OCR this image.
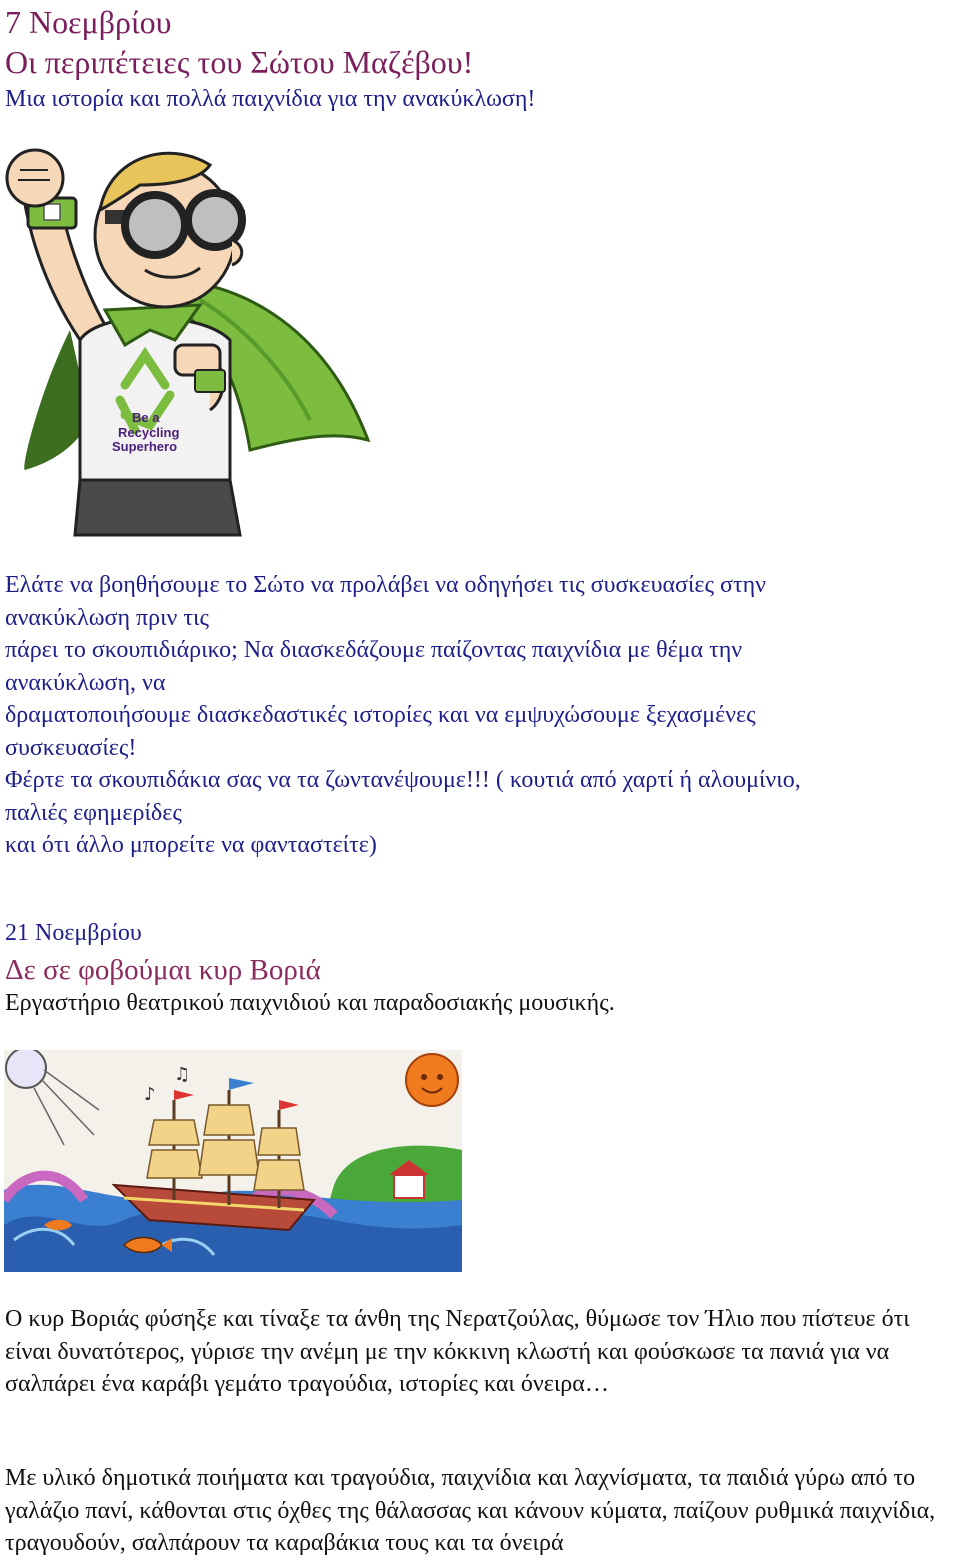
7 Νοεμβρίου
Οι περιπέτειες του Σώτου Μαζέβου!
Μια ιστορία και πολλά παιχνίδια για την ανακύκλωση!
Be a
Recycling
Superhero
Ελάτε να βοηθήσουμε το Σώτο να προλάβει να οδηγήσει τις συσκευασίες στην
ανακύκλωση πριν τις
πάρει το σκουπιδιάρικο; Να διασκεδάζουμε παίζοντας παιχνίδια με θέμα την
ανακύκλωση, να
δραματοποιήσουμε διασκεδαστικές ιστορίες και να εμψυχώσουμε ξεχασμένες
συσκευασίες!
Φέρτε τα σκουπιδάκια σας να τα ζωντανέψουμε!!! ( κουτιά από χαρτί ή αλουμίνιο,
παλιές εφημερίδες
και ότι άλλο μπορείτε να φανταστείτε)
21 Νοεμβρίου
Δε σε φοβούμαι κυρ Βοριά
Εργαστήριο θεατρικού παιχνιδιού και παραδοσιακής μουσικής.
♪
♫
Ο κυρ Βοριάς φύσηξε και τίναξε τα άνθη της Νερατζούλας, θύμωσε τον Ήλιο που πίστευε ότι είναι δυνατότερος, γύρισε την ανέμη με την κόκκινη κλωστή και φούσκωσε τα πανιά για να σαλπάρει ένα καράβι γεμάτο τραγούδια, ιστορίες και όνειρα…
Με υλικό δημοτικά ποιήματα και τραγούδια, παιχνίδια και λαχνίσματα, τα παιδιά γύρω από το γαλάζιο πανί, κάθονται στις όχθες της θάλασσας και κάνουν κύματα, παίζουν ρυθμικά παιχνίδια, τραγουδούν, σαλπάρουν τα καραβάκια τους και τα όνειρά
